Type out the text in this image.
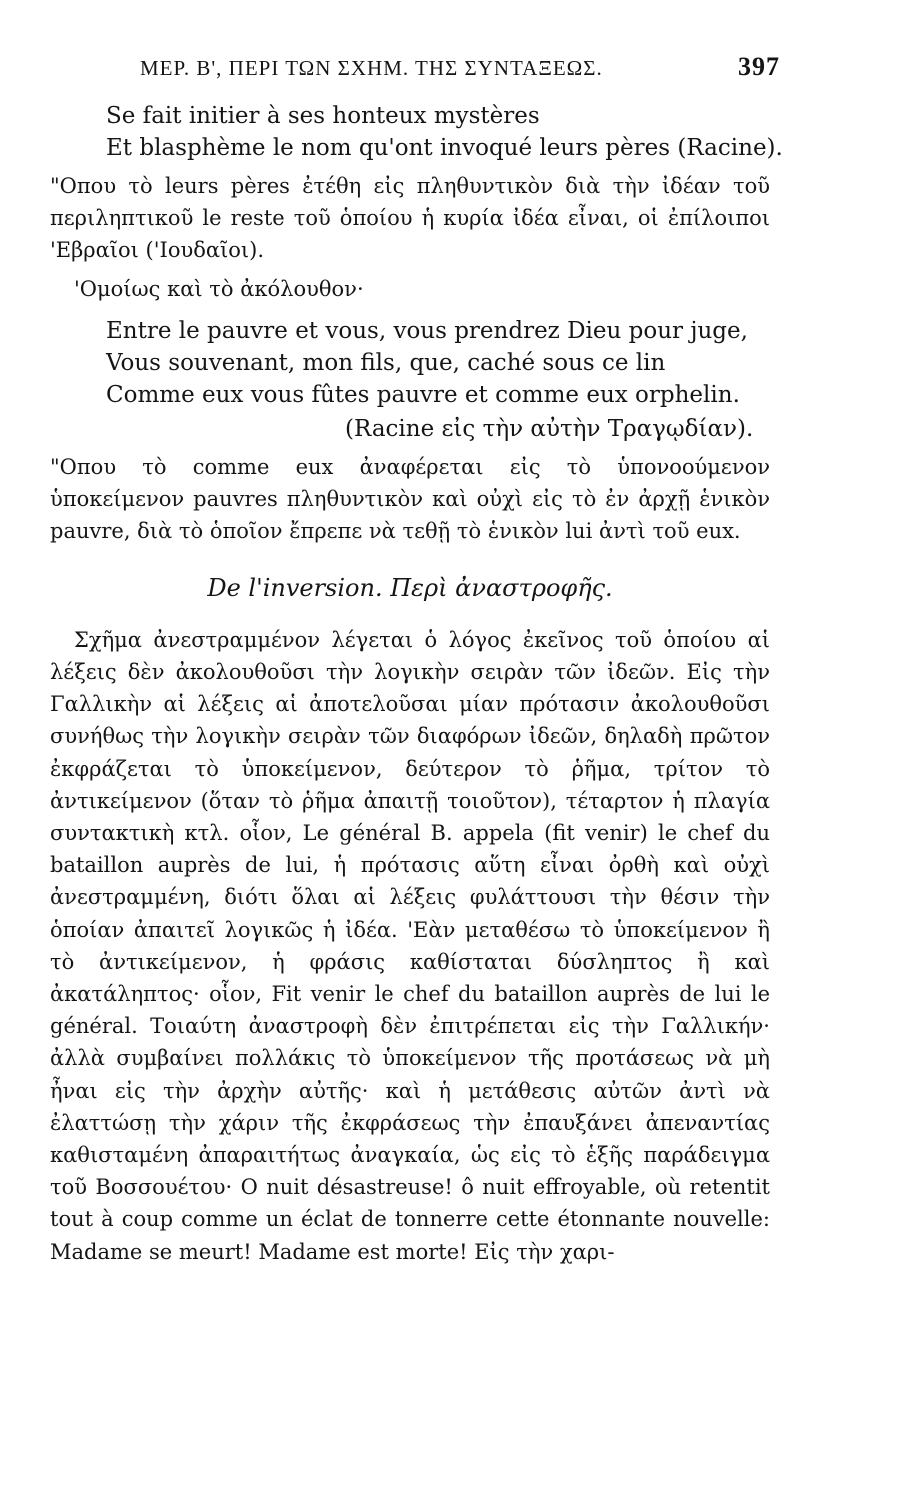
ΜΕΡ. Β', ΠΕΡΙ ΤΩΝ ΣΧΗΜ. ΤΗΣ ΣΥΝΤΑΞΕΩΣ.	397
Se fait initier à ses honteux mystères
Et blasphème le nom qu'ont invoqué leurs pères (Racine).

"Οπου τὸ leurs pères ἐτέθη εἰς πληθυντικὸν διὰ τὴν ἰδέαν τοῦ περιληπτικοῦ le reste τοῦ ὁποίου ἡ κυρία ἰδέα εἶναι, οἱ ἐπίλοιποι 'Εβραῖοι ('Ιουδαῖοι).

'Ομοίως καὶ τὸ ἀκόλουθον·

Entre le pauvre et vous, vous prendrez Dieu pour juge,
Vous souvenant, mon fils, que, caché sous ce lin
Comme eux vous fûtes pauvre et comme eux orphelin.
(Racine εἰς τὴν αὐτὴν Τραγῳδίαν).

"Οπου τὸ comme eux ἀναφέρεται εἰς τὸ ὑπονοούμενον ὑποκείμενον pauvres πληθυντικὸν καὶ οὐχὶ εἰς τὸ ἐν ἀρχῇ ἑνικὸν pauvre, διὰ τὸ ὁποῖον ἔπρεπε νὰ τεθῇ τὸ ἑνικὸν lui ἀντὶ τοῦ eux.

De l'inversion. Περὶ ἀναστροφῆς.

Σχῆμα ἀνεστραμμένον λέγεται ὁ λόγος ἐκεῖνος τοῦ ὁποίου αἱ λέξεις δὲν ἀκολουθοῦσι τὴν λογικὴν σειρὰν τῶν ἰδεῶν. Εἰς τὴν Γαλλικὴν αἱ λέξεις αἱ ἀποτελοῦσαι μίαν πρότασιν ἀκολουθοῦσι συνήθως τὴν λογικὴν σειρὰν τῶν διαφόρων ἰδεῶν, δηλαδὴ πρῶτον ἐκφράζεται τὸ ὑποκείμενον, δεύτερον τὸ ῥῆμα, τρίτον τὸ ἀντικείμενον (ὅταν τὸ ῥῆμα ἀπαιτῇ τοιοῦτον), τέταρτον ἡ πλαγία συντακτικὴ κτλ. οἷον, Le général B. appela (fit venir) le chef du bataillon auprès de lui, ἡ πρότασις αὕτη εἶναι ὀρθὴ καὶ οὐχὶ ἀνεστραμμένη, διότι ὅλαι αἱ λέξεις φυλάττουσι τὴν θέσιν τὴν ὁποίαν ἀπαιτεῖ λογικῶς ἡ ἰδέα. 'Εὰν μεταθέσω τὸ ὑποκείμενον ἢ τὸ ἀντικείμενον, ἡ φράσις καθίσταται δύσληπτος ἢ καὶ ἀκατάληπτος· οἷον, Fit venir le chef du bataillon auprès de lui le général. Τοιαύτη ἀναστροφὴ δὲν ἐπιτρέπεται εἰς τὴν Γαλλικήν· ἀλλὰ συμβαίνει πολλάκις τὸ ὑποκείμενον τῆς προτάσεως νὰ μὴ ἦναι εἰς τὴν ἀρχὴν αὐτῆς· καὶ ἡ μετάθεσις αὐτῶν ἀντὶ νὰ ἐλαττώσῃ τὴν χάριν τῆς ἐκφράσεως τὴν ἐπαυξάνει ἀπεναντίας καθισταμένη ἀπαραιτήτως ἀναγκαία, ὡς εἰς τὸ ἑξῆς παράδειγμα τοῦ Βοσσουέτου· O nuit désastreuse! ô nuit effroyable, où retentit tout à coup comme un éclat de tonnerre cette étonnante nouvelle: Madame se meurt! Madame est morte! Εἰς τὴν χαρι-
